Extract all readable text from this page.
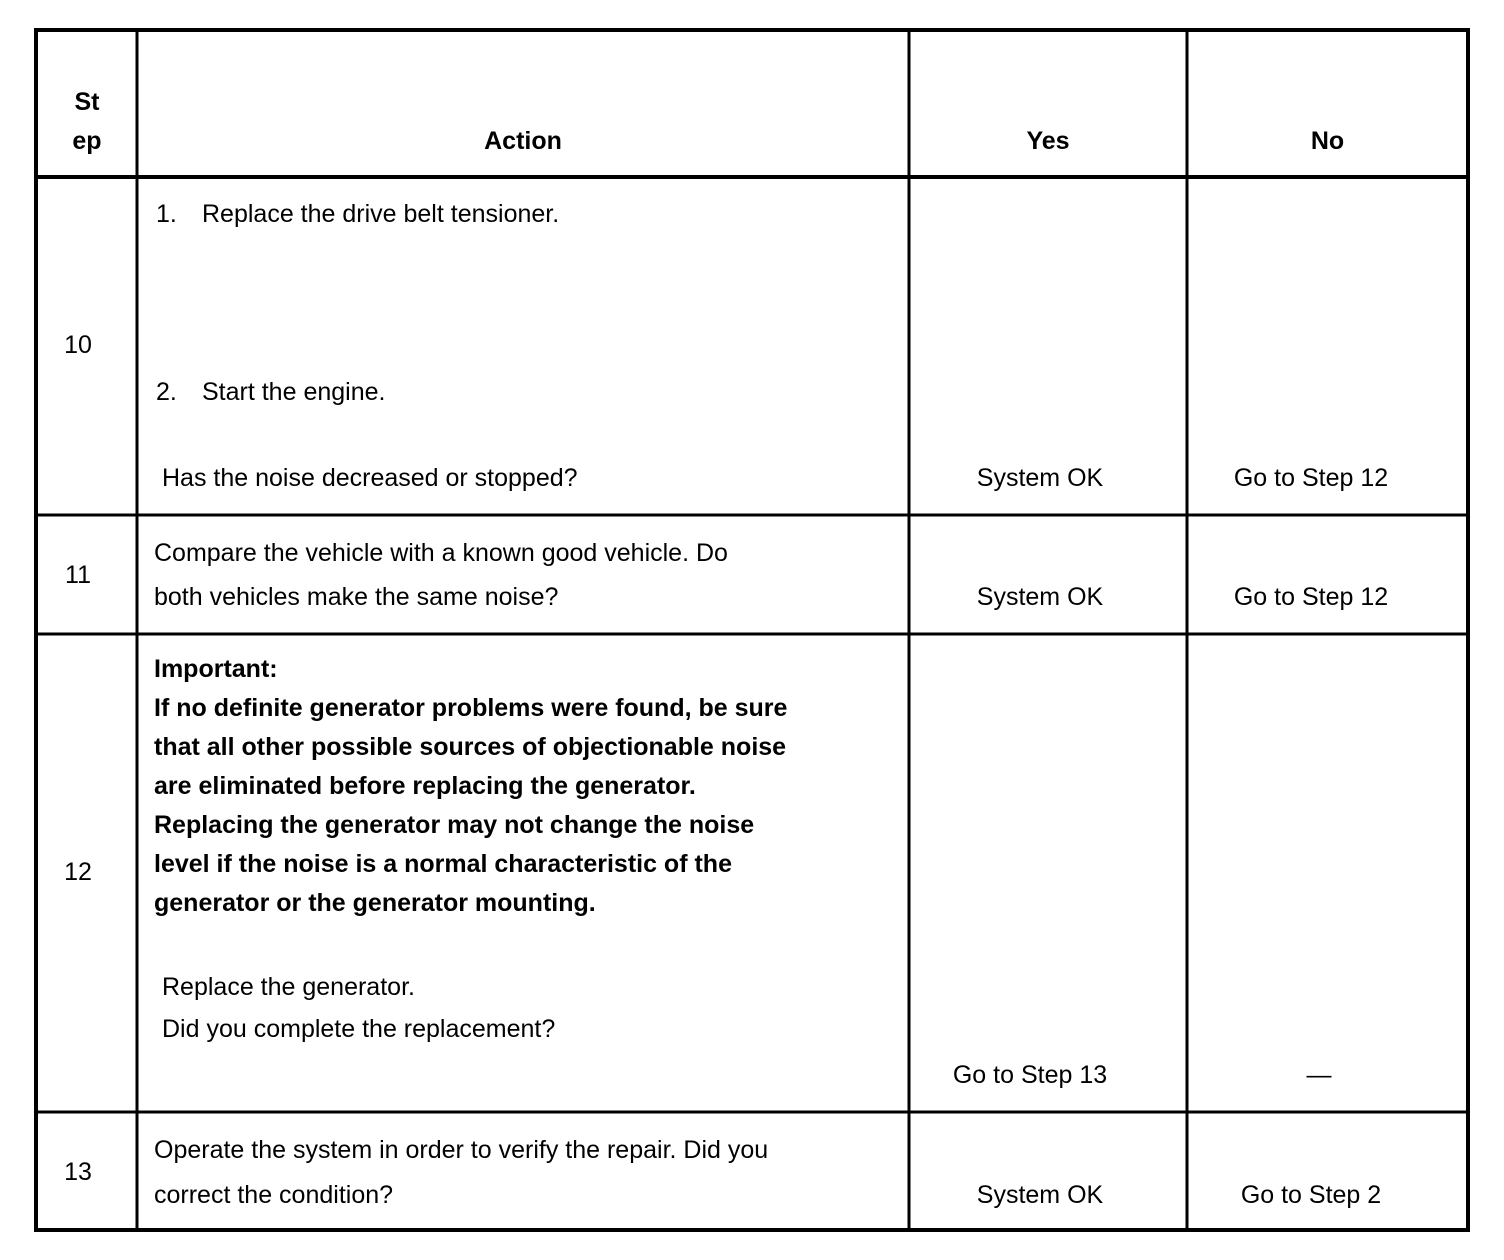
St
ep	Action	Yes	No
10
1. Replace the drive belt tensioner.
2. Start the engine.
Has the noise decreased or stopped?	System OK	Go to Step 12
11
Compare the vehicle with a known good vehicle. Do
both vehicles make the same noise?	System OK	Go to Step 12
12
Important:
If no definite generator problems were found, be sure
that all other possible sources of objectionable noise
are eliminated before replacing the generator.
Replacing the generator may not change the noise
level if the noise is a normal characteristic of the
generator or the generator mounting.
Replace the generator.
Did you complete the replacement?
Go to Step 13	—
13
Operate the system in order to verify the repair. Did you
correct the condition?	System OK	Go to Step 2
